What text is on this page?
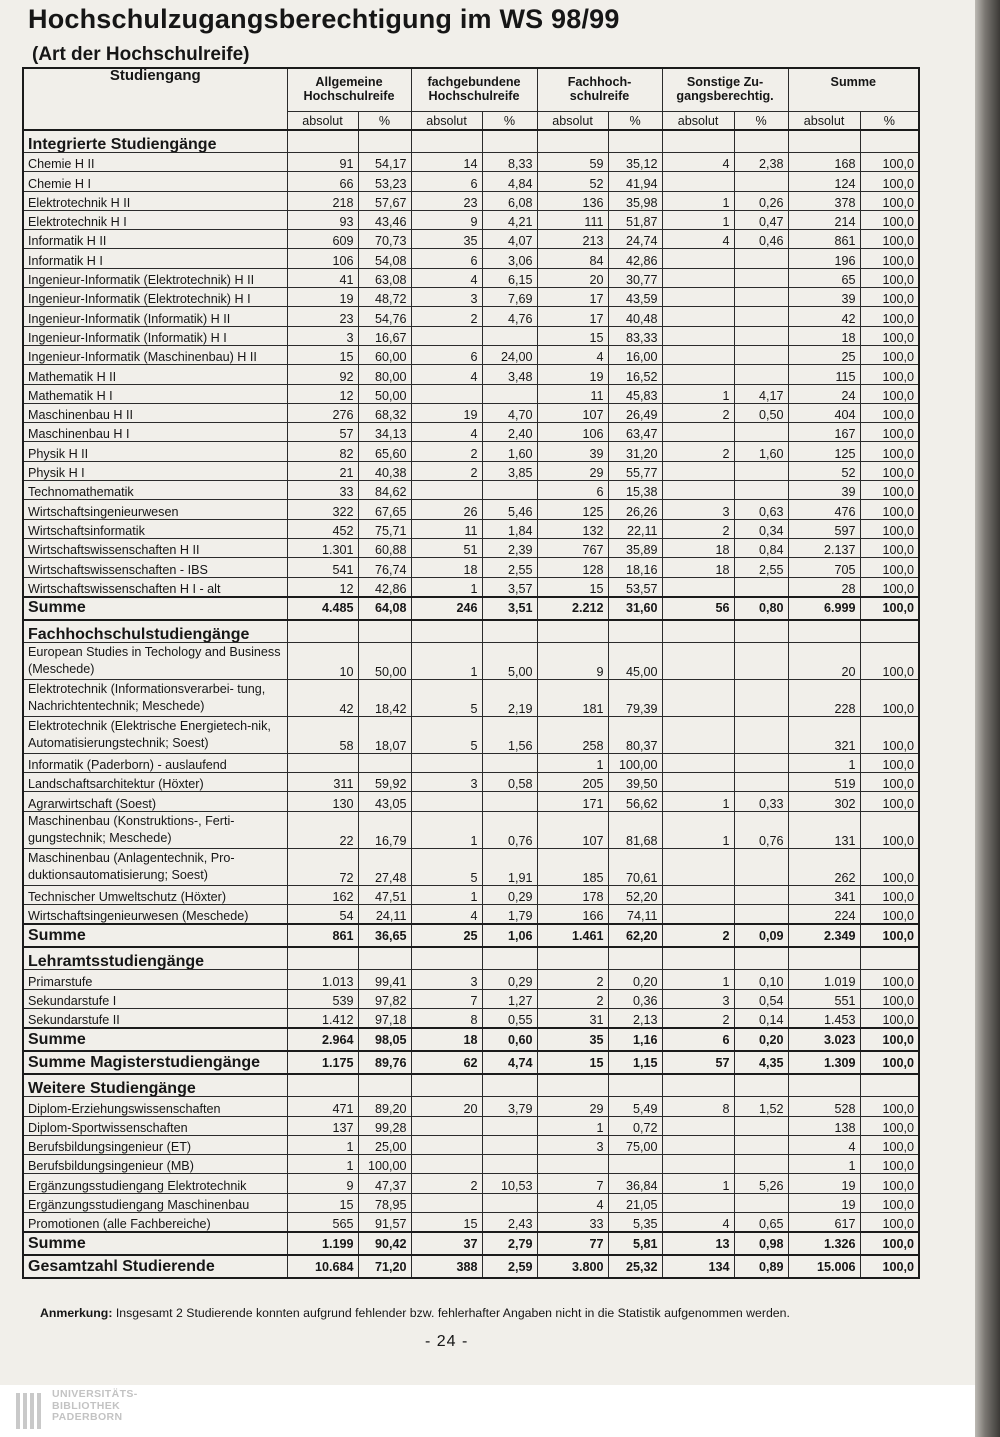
Hochschulzugangsberechtigung im WS 98/99
(Art der Hochschulreife)
Studiengang	Allgemeine Hochschulreife		fachgebundene Hochschulreife		Fachhoch- schulreife		Sonstige Zu- gangsberechtig.		Summe	
	absolut	%	absolut	%	absolut	%	absolut	%	absolut	%
Integrierte Studiengänge										
Chemie H II	91	54,17	14	8,33	59	35,12	4	2,38	168	100,0
Chemie H I	66	53,23	6	4,84	52	41,94			124	100,0
Elektrotechnik H II	218	57,67	23	6,08	136	35,98	1	0,26	378	100,0
Elektrotechnik H I	93	43,46	9	4,21	111	51,87	1	0,47	214	100,0
Informatik H II	609	70,73	35	4,07	213	24,74	4	0,46	861	100,0
Informatik H I	106	54,08	6	3,06	84	42,86			196	100,0
Ingenieur-Informatik (Elektrotechnik) H II	41	63,08	4	6,15	20	30,77			65	100,0
Ingenieur-Informatik (Elektrotechnik) H I	19	48,72	3	7,69	17	43,59			39	100,0
Ingenieur-Informatik (Informatik) H II	23	54,76	2	4,76	17	40,48			42	100,0
Ingenieur-Informatik (Informatik) H I	3	16,67			15	83,33			18	100,0
Ingenieur-Informatik (Maschinenbau) H II	15	60,00	6	24,00	4	16,00			25	100,0
Mathematik H II	92	80,00	4	3,48	19	16,52			115	100,0
Mathematik H I	12	50,00			11	45,83	1	4,17	24	100,0
Maschinenbau H II	276	68,32	19	4,70	107	26,49	2	0,50	404	100,0
Maschinenbau H I	57	34,13	4	2,40	106	63,47			167	100,0
Physik H II	82	65,60	2	1,60	39	31,20	2	1,60	125	100,0
Physik H I	21	40,38	2	3,85	29	55,77			52	100,0
Technomathematik	33	84,62			6	15,38			39	100,0
Wirtschaftsingenieurwesen	322	67,65	26	5,46	125	26,26	3	0,63	476	100,0
Wirtschaftsinformatik	452	75,71	11	1,84	132	22,11	2	0,34	597	100,0
Wirtschaftswissenschaften H II	1.301	60,88	51	2,39	767	35,89	18	0,84	2.137	100,0
Wirtschaftswissenschaften - IBS	541	76,74	18	2,55	128	18,16	18	2,55	705	100,0
Wirtschaftswissenschaften H I - alt	12	42,86	1	3,57	15	53,57			28	100,0
Summe	4.485	64,08	246	3,51	2.212	31,60	56	0,80	6.999	100,0
Fachhochschulstudiengänge										
European Studies in Techology and Business (Meschede)	10	50,00	1	5,00	9	45,00			20	100,0
Elektrotechnik (Informationsverarbei- tung, Nachrichtentechnik; Meschede)	42	18,42	5	2,19	181	79,39			228	100,0
Elektrotechnik (Elektrische Energietech-nik, Automatisierungstechnik; Soest)	58	18,07	5	1,56	258	80,37			321	100,0
Informatik (Paderborn) - auslaufend					1	100,00			1	100,0
Landschaftsarchitektur (Höxter)	311	59,92	3	0,58	205	39,50			519	100,0
Agrarwirtschaft (Soest)	130	43,05			171	56,62	1	0,33	302	100,0
Maschinenbau (Konstruktions-, Ferti- gungstechnik; Meschede)	22	16,79	1	0,76	107	81,68	1	0,76	131	100,0
Maschinenbau (Anlagentechnik, Pro- duktionsautomatisierung; Soest)	72	27,48	5	1,91	185	70,61			262	100,0
Technischer Umweltschutz (Höxter)	162	47,51	1	0,29	178	52,20			341	100,0
Wirtschaftsingenieurwesen (Meschede)	54	24,11	4	1,79	166	74,11			224	100,0
Summe	861	36,65	25	1,06	1.461	62,20	2	0,09	2.349	100,0
Lehramtsstudiengänge										
Primarstufe	1.013	99,41	3	0,29	2	0,20	1	0,10	1.019	100,0
Sekundarstufe I	539	97,82	7	1,27	2	0,36	3	0,54	551	100,0
Sekundarstufe II	1.412	97,18	8	0,55	31	2,13	2	0,14	1.453	100,0
Summe	2.964	98,05	18	0,60	35	1,16	6	0,20	3.023	100,0
Summe Magisterstudiengänge	1.175	89,76	62	4,74	15	1,15	57	4,35	1.309	100,0
Weitere Studiengänge										
Diplom-Erziehungswissenschaften	471	89,20	20	3,79	29	5,49	8	1,52	528	100,0
Diplom-Sportwissenschaften	137	99,28			1	0,72			138	100,0
Berufsbildungsingenieur (ET)	1	25,00			3	75,00			4	100,0
Berufsbildungsingenieur (MB)	1	100,00							1	100,0
Ergänzungsstudiengang Elektrotechnik	9	47,37	2	10,53	7	36,84	1	5,26	19	100,0
Ergänzungsstudiengang Maschinenbau	15	78,95			4	21,05			19	100,0
Promotionen (alle Fachbereiche)	565	91,57	15	2,43	33	5,35	4	0,65	617	100,0
Summe	1.199	90,42	37	2,79	77	5,81	13	0,98	1.326	100,0
Gesamtzahl Studierende	10.684	71,20	388	2,59	3.800	25,32	134	0,89	15.006	100,0
Anmerkung: Insgesamt 2 Studierende konnten aufgrund fehlender bzw. fehlerhafter Angaben nicht in die Statistik aufgenommen werden.
- 24 -
UNIVERSITÄTS-
BIBLIOTHEK
PADERBORN
